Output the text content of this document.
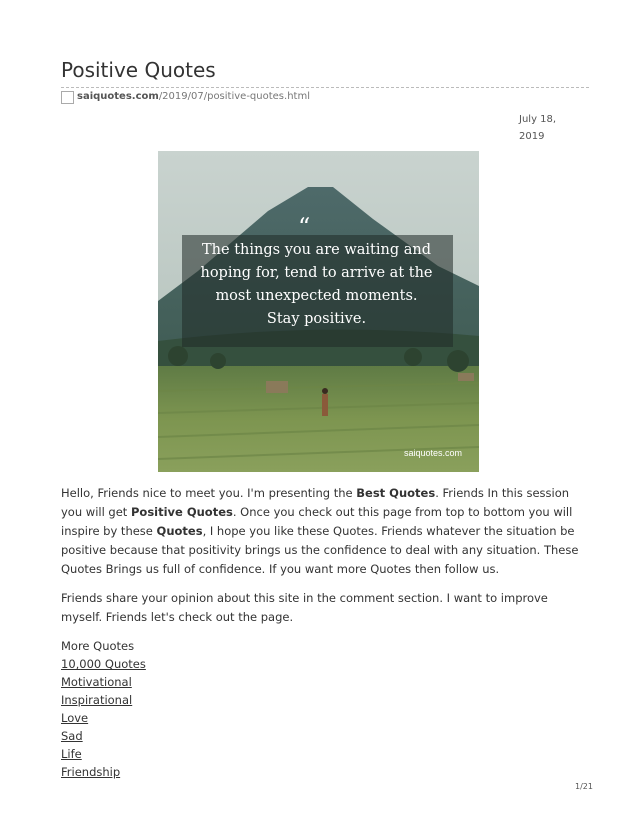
Positive Quotes
saiquotes.com/2019/07/positive-quotes.html
July 18,
2019
“
The things you are waiting and
hoping for, tend to arrive at the
most unexpected moments.
Stay positive.
saiquotes.com

Hello, Friends nice to meet you. I'm presenting the Best Quotes. Friends In this session you will get Positive Quotes. Once you check out this page from top to bottom you will inspire by these Quotes, I hope you like these Quotes. Friends whatever the situation be positive because that positivity brings us the confidence to deal with any situation. These Quotes Brings us full of confidence. If you want more Quotes then follow us.

Friends share your opinion about this site in the comment section. I want to improve myself. Friends let's check out the page.

More Quotes
10,000 Quotes
Motivational
Inspirational
Love
Sad
Life
Friendship
1/21
